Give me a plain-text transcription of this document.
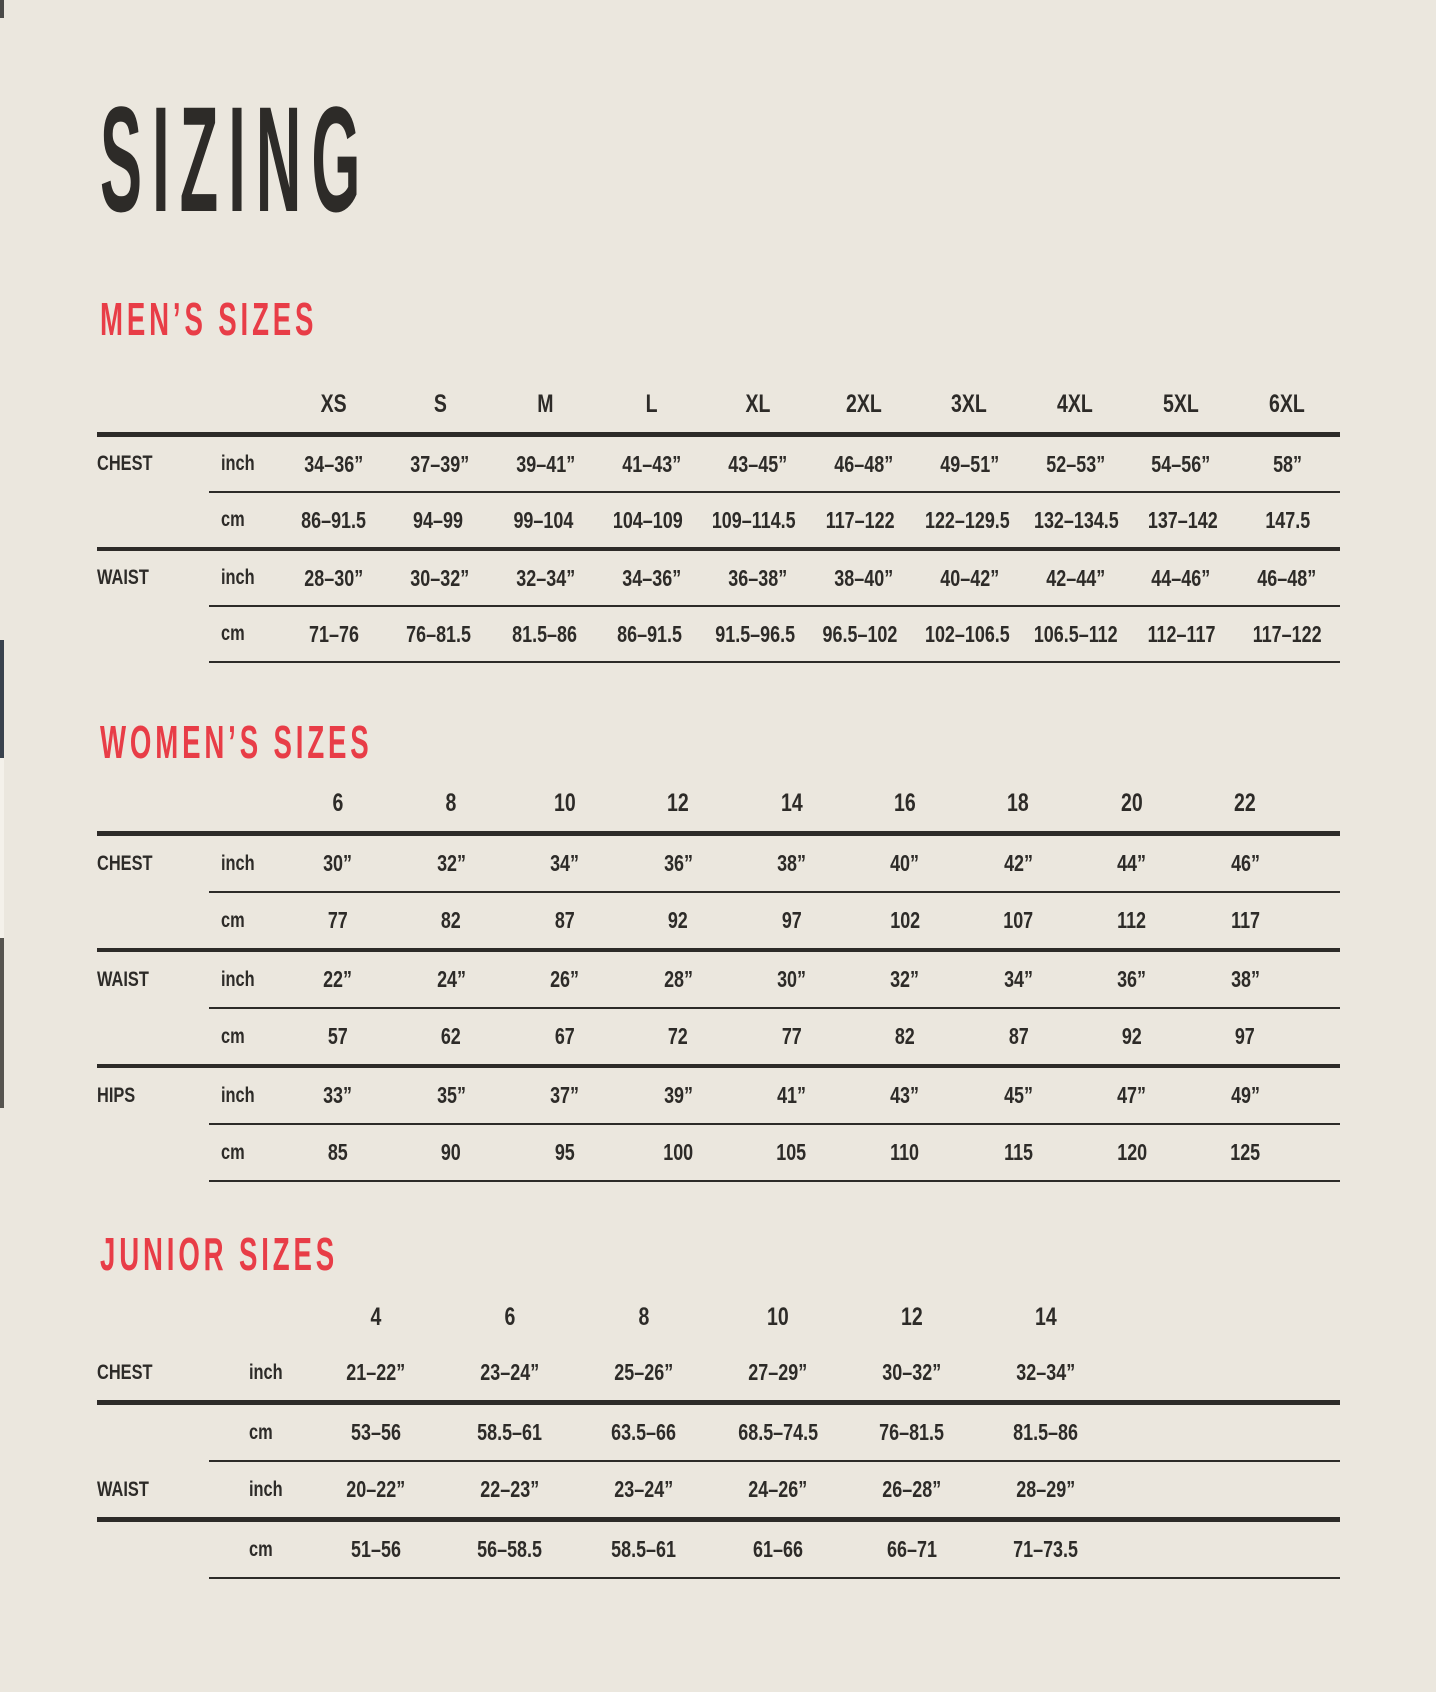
SIZING
MEN’S SIZES
XS	S	M	L	XL	2XL	3XL	4XL	5XL	6XL
CHEST	inch 34–36” 37–39” 39–41” 41–43” 43–45” 46–48” 49–51” 52–53” 54–56”	58”
cm 86–91.5 94–99 99–104 104–109 109–114.5 117–122 122–129.5 132–134.5 137–142 147.5
WAIST	inch 28–30” 30–32” 32–34” 34–36” 36–38” 38–40” 40–42” 42–44” 44–46” 46–48”
cm	71–76 76–81.5 81.5–86 86–91.5 91.5–96.5 96.5–102 102–106.5 106.5–112 112–117 117–122
WOMEN’S SIZES
6	8	10	12	14	16	18	20	22
CHEST	inch	30”	32”	34”	36”	38”	40”	42”	44”	46”
cm	77	82	87	92	97	102	107	112	117
WAIST	inch	22”	24”	26”	28”	30”	32”	34”	36”	38”
cm	57	62	67	72	77	82	87	92	97
HIPS	inch	33”	35”	37”	39”	41”	43”	45”	47”	49”
cm	85	90	95	100	105	110	115	120	125
JUNIOR SIZES
4	6	8	10	12	14
CHEST	inch	21–22”	23–24”	25–26”	27–29”	30–32”	32–34”
cm	53–56	58.5–61	63.5–66	68.5–74.5	76–81.5	81.5–86
WAIST	inch	20–22”	22–23”	23–24”	24–26”	26–28”	28–29”
cm	51–56	56–58.5	58.5–61	61–66	66–71	71–73.5
